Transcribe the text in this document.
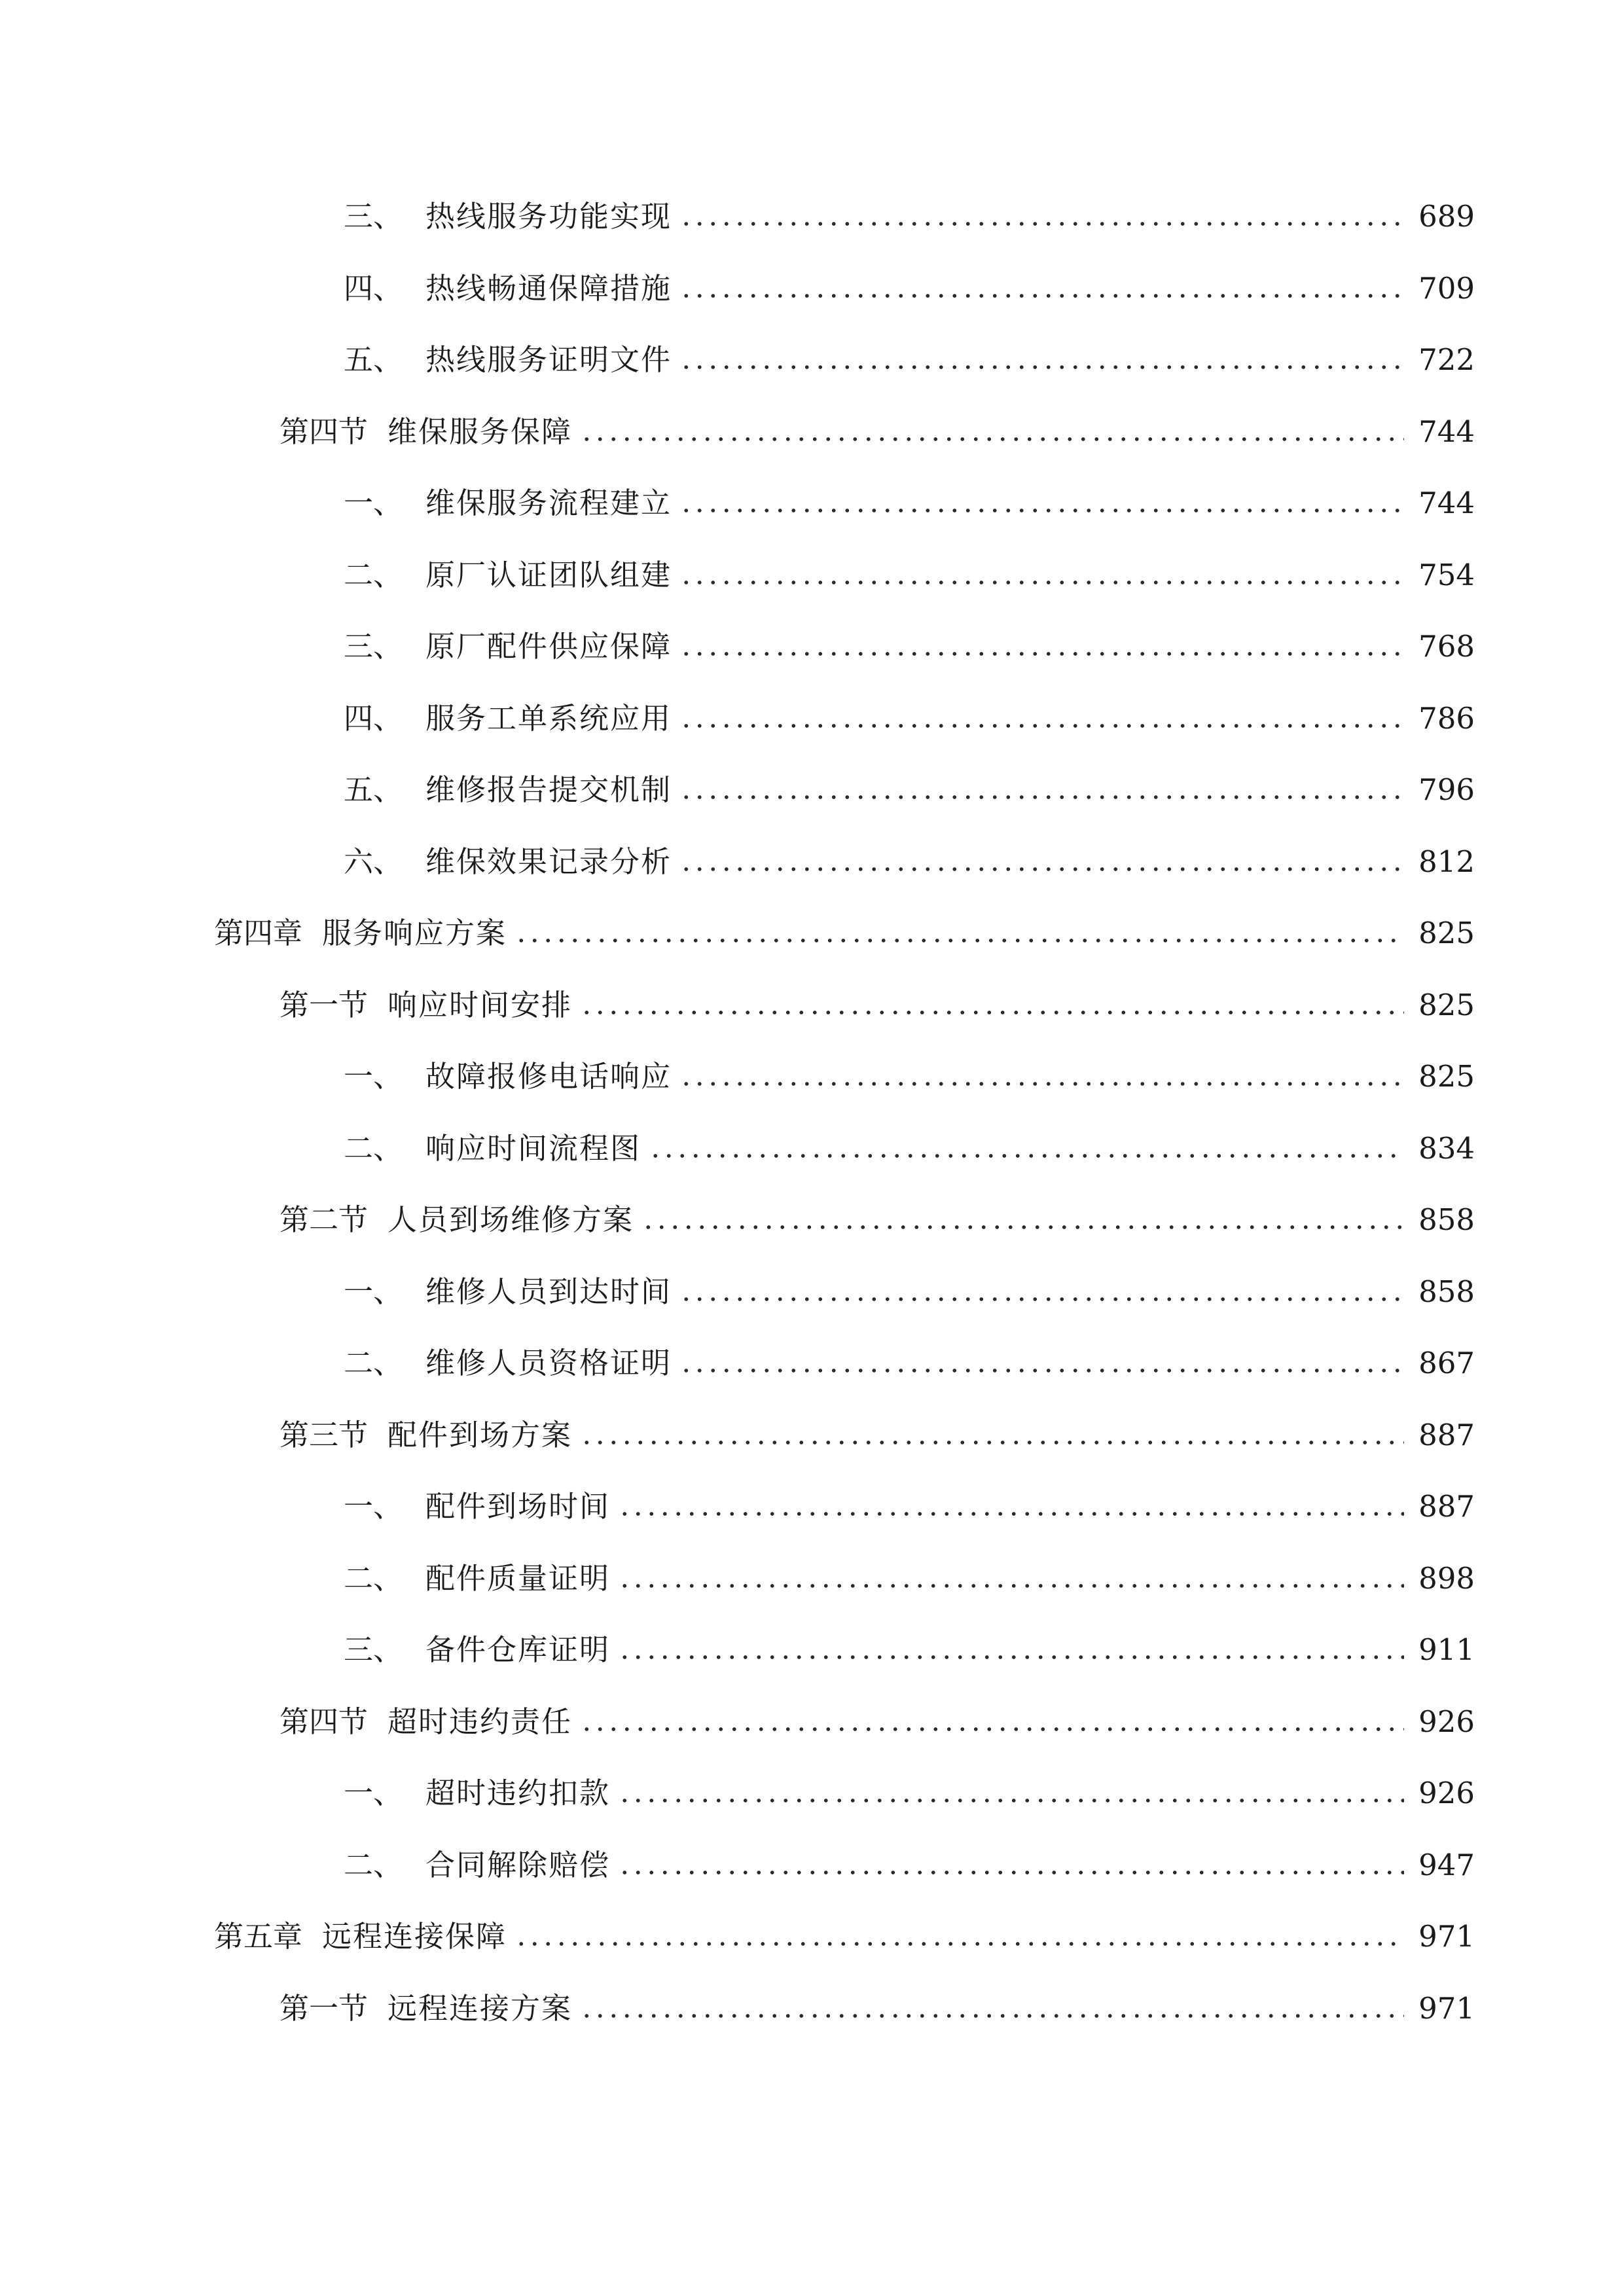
三、 热线服务功能实现	689
四、 热线畅通保障措施	709
五、 热线服务证明文件	722
第四节 维保服务保障	744
一、 维保服务流程建立	744
二、 原厂认证团队组建	754
三、 原厂配件供应保障	768
四、 服务工单系统应用	786
五、 维修报告提交机制	796
六、 维保效果记录分析	812
第四章 服务响应方案	825
第一节 响应时间安排	825
一、 故障报修电话响应	825
二、 响应时间流程图	834
第二节 人员到场维修方案	858
一、 维修人员到达时间	858
二、 维修人员资格证明	867
第三节 配件到场方案	887
一、 配件到场时间	887
二、 配件质量证明	898
三、 备件仓库证明	911
第四节 超时违约责任	926
一、 超时违约扣款	926
二、 合同解除赔偿	947
第五章 远程连接保障	971
第一节 远程连接方案	971
